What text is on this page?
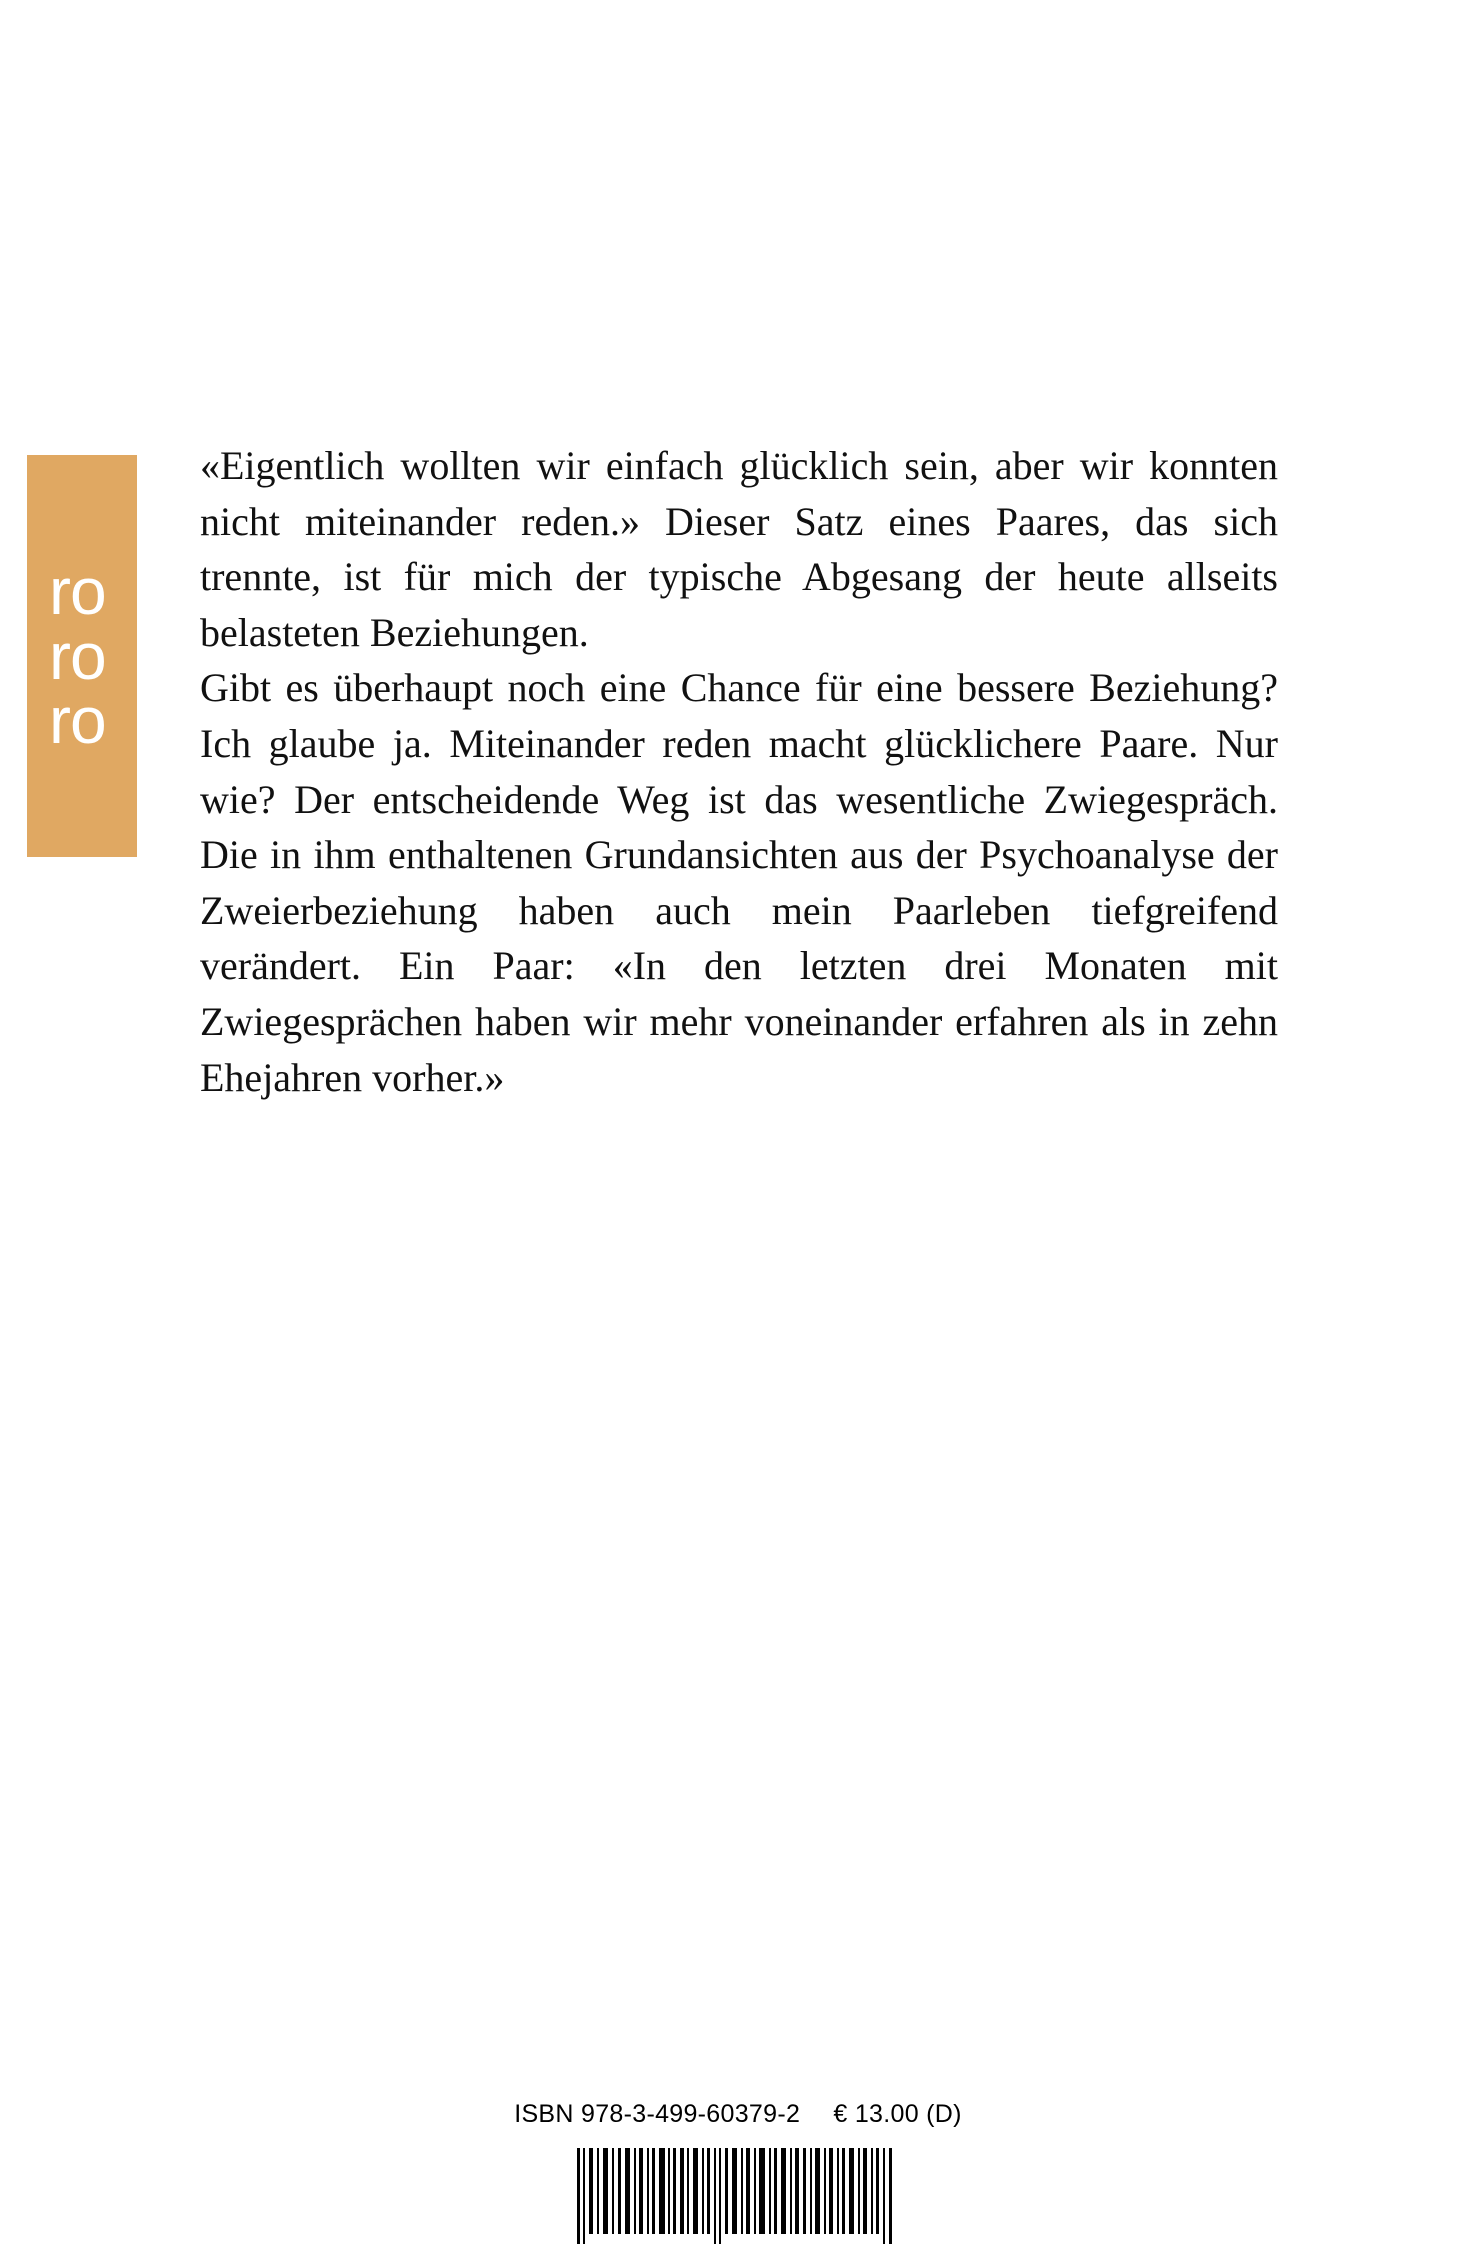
ro
ro
ro

«Eigentlich wollten wir einfach glücklich sein, aber wir konnten nicht miteinander reden.» Dieser Satz eines Paares, das sich trennte, ist für mich der typische Abgesang der heute allseits belasteten Beziehungen.

Gibt es überhaupt noch eine Chance für eine bessere Beziehung? Ich glaube ja. Miteinander reden macht glücklichere Paare. Nur wie? Der entscheidende Weg ist das wesentliche Zwiegespräch. Die in ihm enthaltenen Grundansichten aus der Psychoanalyse der Zweierbeziehung haben auch mein Paarleben tiefgreifend verändert. Ein Paar: «In den letzten drei Monaten mit Zwiegesprächen haben wir mehr voneinander erfahren als in zehn Ehejahren vorher.»

ISBN 978-3-499-60379-2 € 13.00 (D)
